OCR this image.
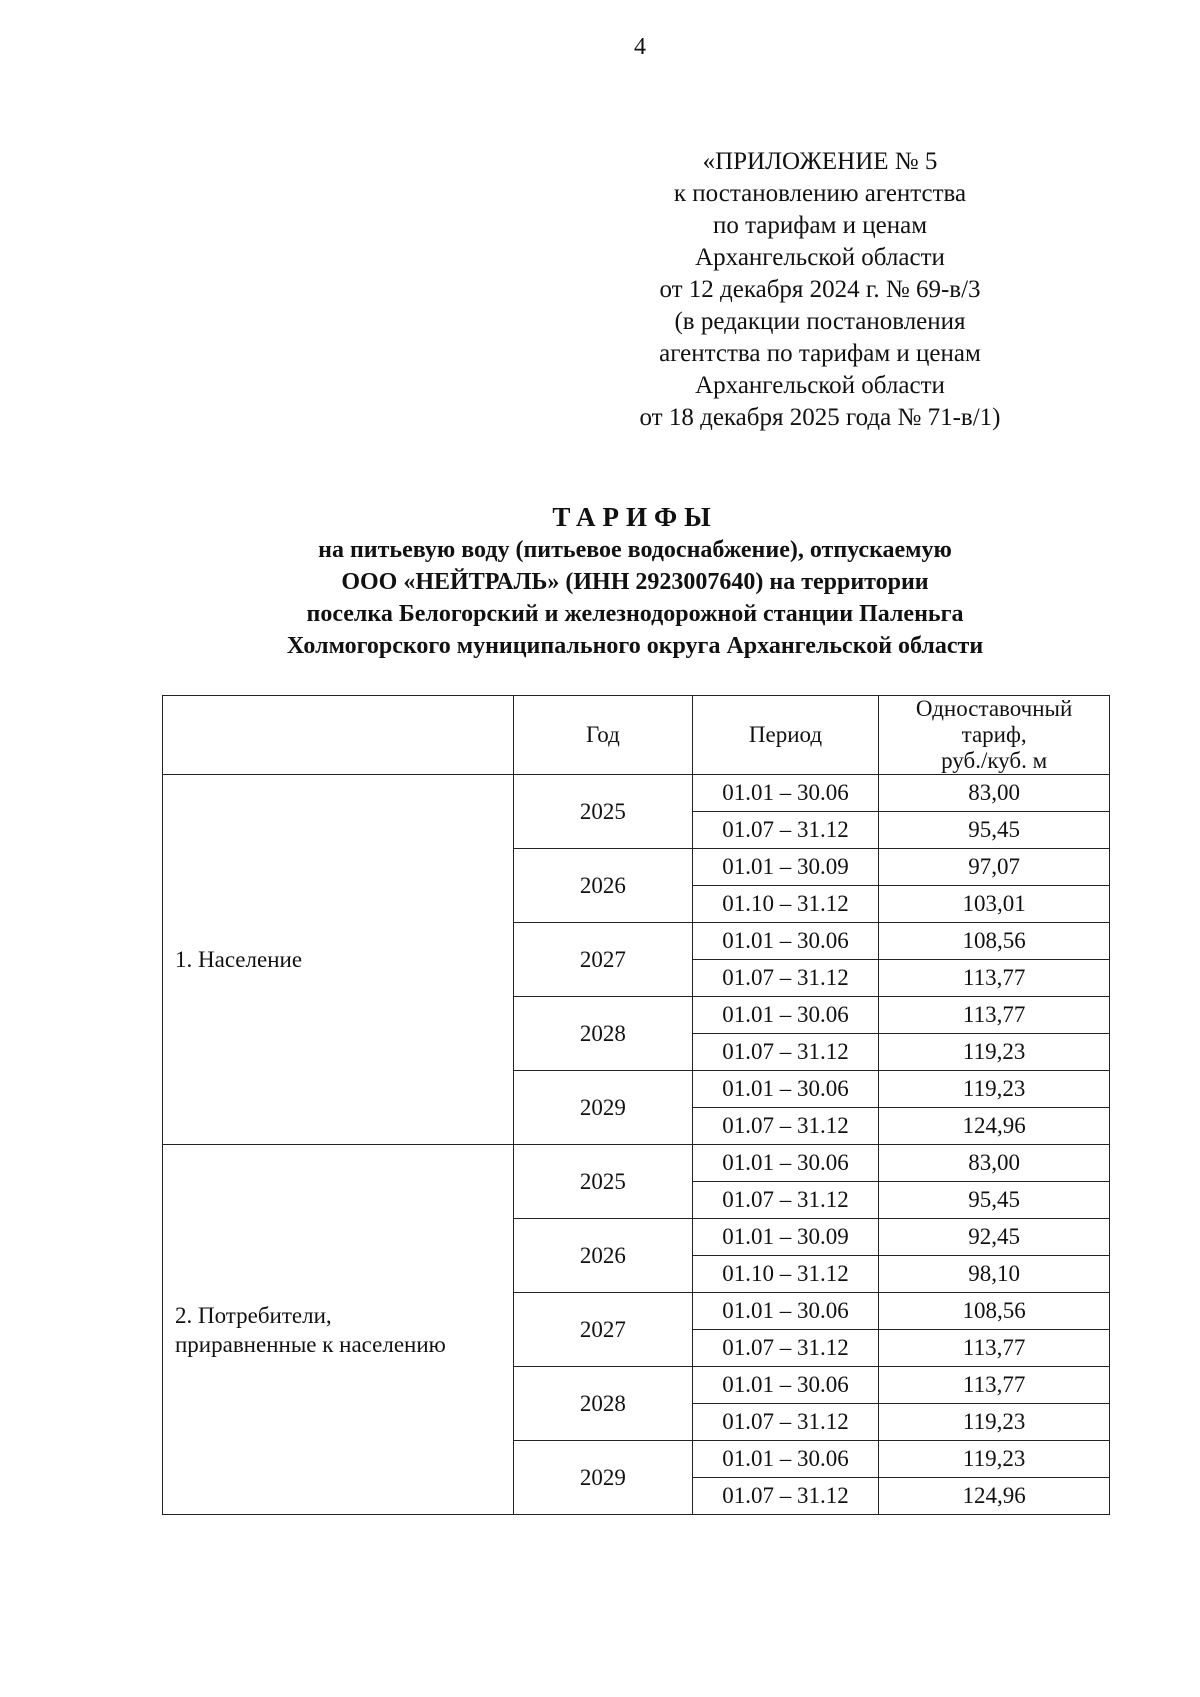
4
«ПРИЛОЖЕНИЕ № 5
к постановлению агентства
по тарифам и ценам
Архангельской области
от 12 декабря 2024 г. № 69-в/3
(в редакции постановления
агентства по тарифам и ценам
Архангельской области
от 18 декабря 2025 года № 71-в/1)
ТАРИФЫ
на питьевую воду (питьевое водоснабжение), отпускаемую
ООО «НЕЙТРАЛЬ» (ИНН 2923007640) на территории
поселка Белогорский и железнодорожной станции Паленьга
Холмогорского муниципального округа Архангельской области
	Год	Период	Одноставочный
тариф,
руб./куб. м

1. Население	2025	01.01 – 30.06	83,00
		01.07 – 31.12	95,45
	2026	01.01 – 30.09	97,07
		01.10 – 31.12	103,01
	2027	01.01 – 30.06	108,56
		01.07 – 31.12	113,77
	2028	01.01 – 30.06	113,77
		01.07 – 31.12	119,23
	2029	01.01 – 30.06	119,23
		01.07 – 31.12	124,96

2. Потребители,
приравненные к населению	2025	01.01 – 30.06	83,00
		01.07 – 31.12	95,45
	2026	01.01 – 30.09	92,45
		01.10 – 31.12	98,10
	2027	01.01 – 30.06	108,56
		01.07 – 31.12	113,77
	2028	01.01 – 30.06	113,77
		01.07 – 31.12	119,23
	2029	01.01 – 30.06	119,23
		01.07 – 31.12	124,96
